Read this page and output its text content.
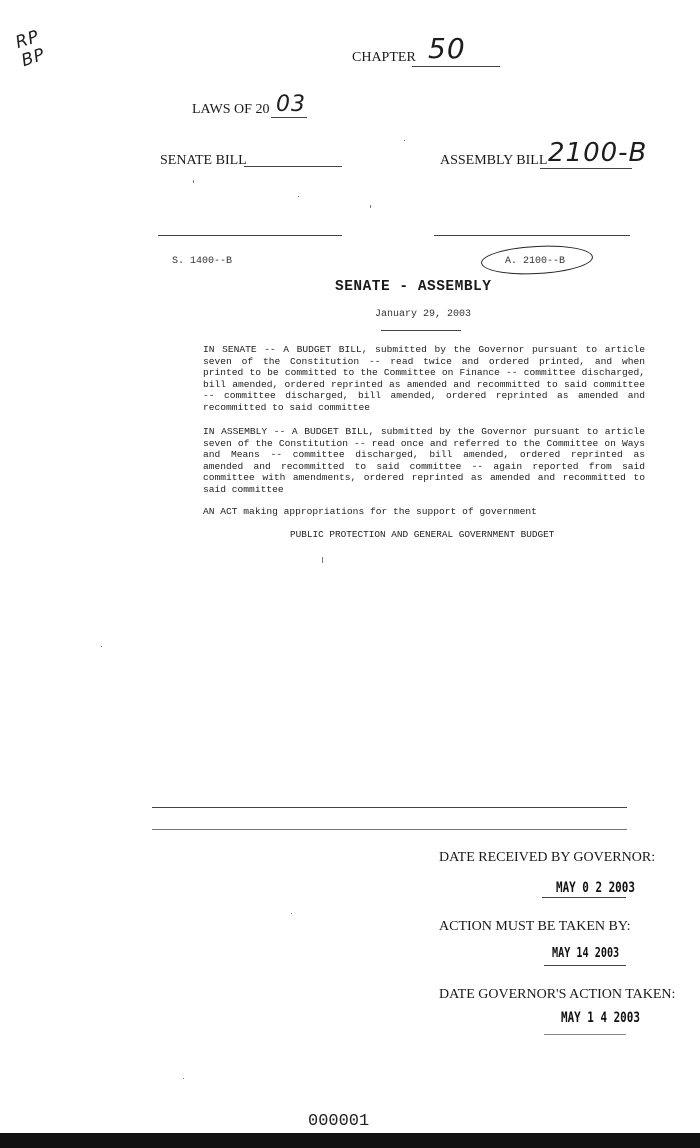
RP BP	CHAPTER 50
LAWS OF 20 03
SENATE BILL	ASSEMBLY BILL 2100-B
S. 1400--B	A. 2100--B
SENATE - ASSEMBLY
January 29, 2003
IN SENATE -- A BUDGET BILL, submitted by the Governor pursuant to article seven of the Constitution -- read twice and ordered printed, and when printed to be committed to the Committee on Finance -- committee discharged, bill amended, ordered reprinted as amended and recommitted to said committee -- committee discharged, bill amended, ordered reprinted as amended and recommitted to said committee
IN ASSEMBLY -- A BUDGET BILL, submitted by the Governor pursuant to article seven of the Constitution -- read once and referred to the Committee on Ways and Means -- committee discharged, bill amended, ordered reprinted as amended and recommitted to said committee -- again reported from said committee with amendments, ordered reprinted as amended and recommitted to said committee
AN ACT making appropriations for the support of government
PUBLIC PROTECTION AND GENERAL GOVERNMENT BUDGET
DATE RECEIVED BY GOVERNOR:
MAY 0 2 2003
ACTION MUST BE TAKEN BY:
MAY 14 2003
DATE GOVERNOR'S ACTION TAKEN:
MAY 1 4 2003
000001
